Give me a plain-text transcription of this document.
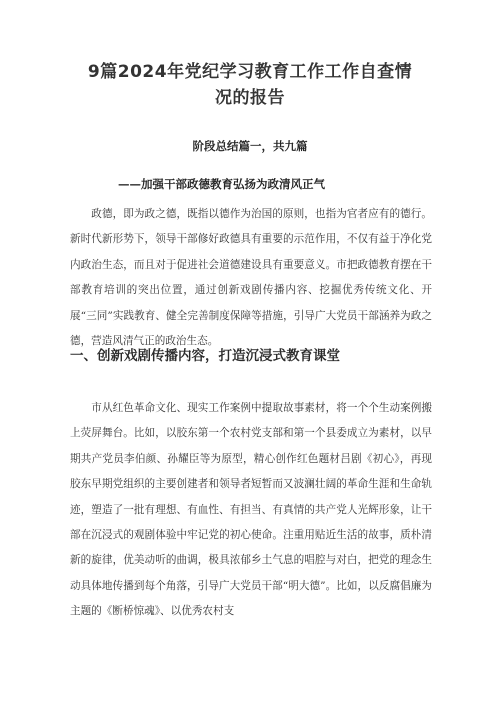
9篇2024年党纪学习教育工作工作自查情
况的报告
阶段总结篇一，共九篇
——加强干部政德教育弘扬为政清风正气

　　政德，即为政之德，既指以德作为治国的原则，也指为官者应有的德行。新时代新形势下，领导干部修好政德具有重要的示范作用，不仅有益于净化党内政治生态，而且对于促进社会道德建设具有重要意义。市把政德教育摆在干部教育培训的突出位置，通过创新戏剧传播内容、挖掘优秀传统文化、开展“三同”实践教育、健全完善制度保障等措施，引导广大党员干部涵养为政之德，营造风清气正的政治生态。

一、创新戏剧传播内容，打造沉浸式教育课堂

　　市从红色革命文化、现实工作案例中提取故事素材，将一个个生动案例搬上荧屏舞台。比如，以胶东第一个农村党支部和第一个县委成立为素材，以早期共产党员李伯颜、孙耀臣等为原型，精心创作红色题材吕剧《初心》，再现胶东早期党组织的主要创建者和领导者短暂而又波澜壮阔的革命生涯和生命轨迹，塑造了一批有理想、有血性、有担当、有真情的共产党人光辉形象，让干部在沉浸式的观剧体验中牢记党的初心使命。注重用贴近生活的故事，质朴清新的旋律，优美动听的曲调，极具浓郁乡土气息的唱腔与对白，把党的理念生动具体地传播到每个角落，引导广大党员干部“明大德”。比如，以反腐倡廉为主题的《断桥惊魂》、以优秀农村支
